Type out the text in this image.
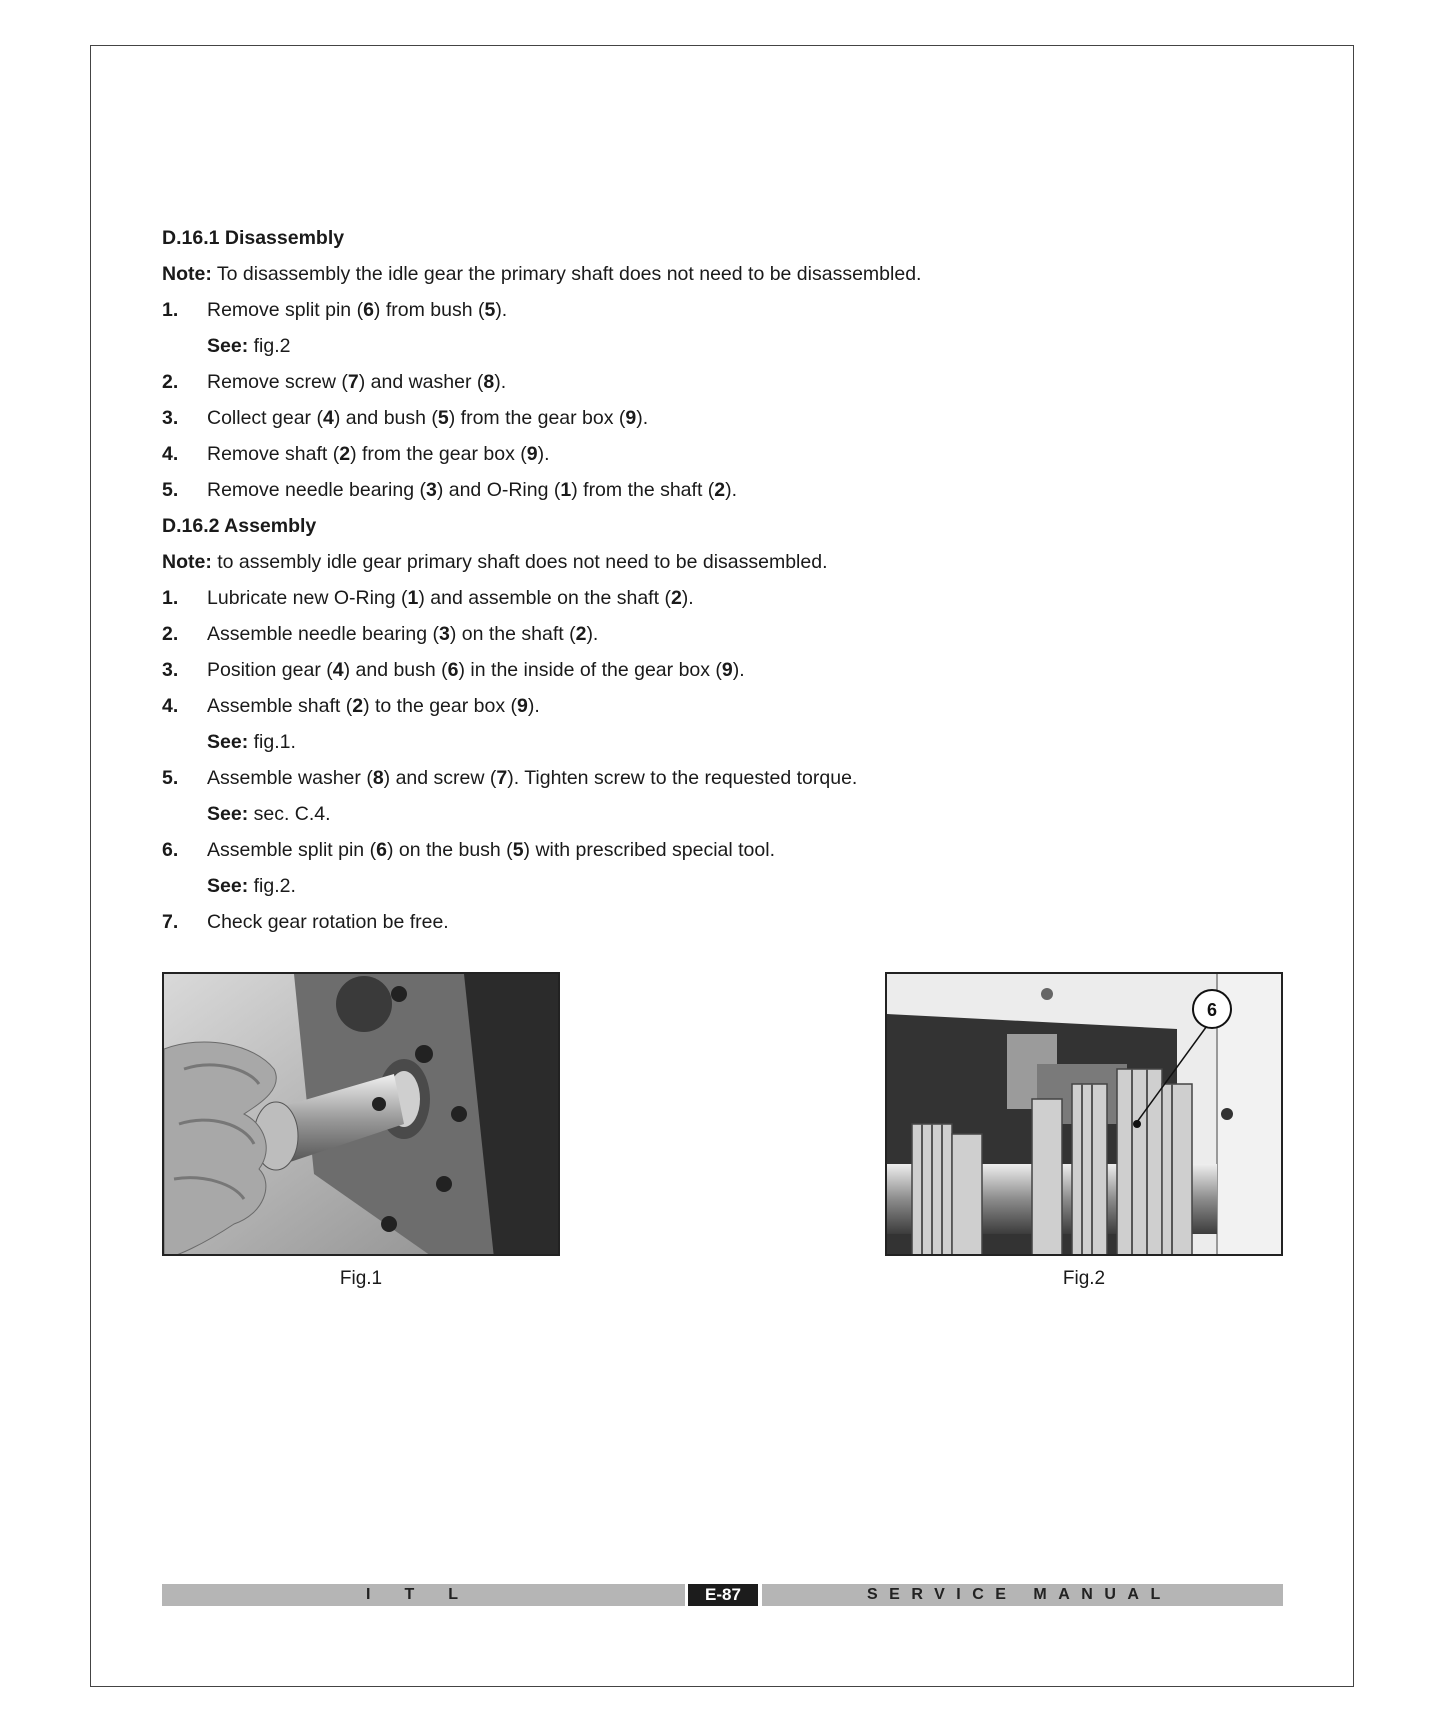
D.16.1 Disassembly
Note: To disassembly the idle gear the primary shaft does not need to be disassembled.
1. Remove split pin (6) from bush (5).
See: fig.2
2. Remove screw (7) and washer (8).
3. Collect gear (4) and bush (5) from the gear box (9).
4. Remove shaft (2) from the gear box (9).
5. Remove needle bearing (3) and O-Ring (1) from the shaft (2).
D.16.2 Assembly
Note: to assembly idle gear primary shaft does not need to be disassembled.
1. Lubricate new O-Ring (1) and assemble on the shaft (2).
2. Assemble needle bearing (3) on the shaft (2).
3. Position gear (4) and bush (6) in the inside of the gear box (9).
4. Assemble shaft (2) to the gear box (9).
See: fig.1.
5. Assemble washer (8) and screw (7). Tighten screw to the requested torque.
See: sec. C.4.
6. Assemble split pin (6) on the bush (5) with prescribed special tool.
See: fig.2.
7. Check gear rotation be free.
Fig.1
6
Fig.2
ITL	E-87	SERVICE MANUAL
